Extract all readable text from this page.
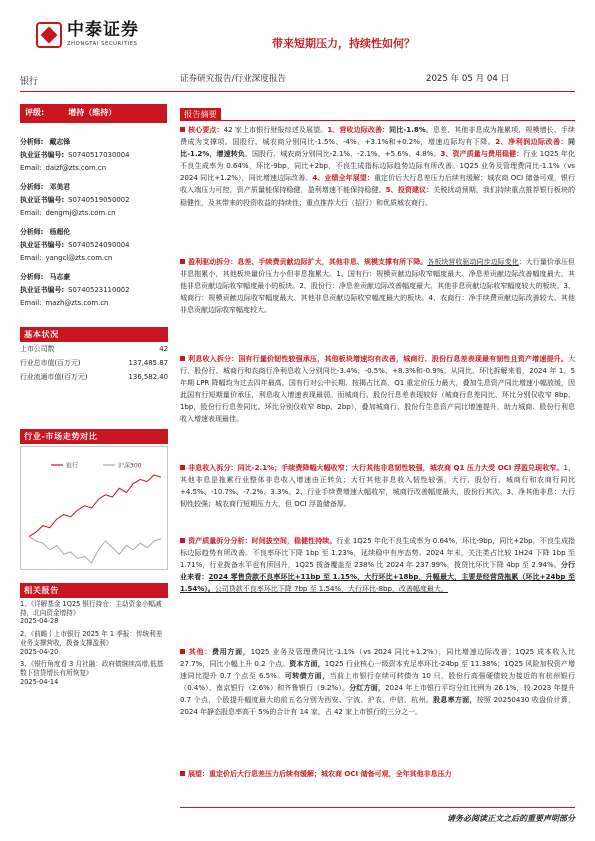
中泰证券
ZHONGTAI SECURITIES	带来短期压力，持续性如何？
银行	证券研究报告/行业深度报告	2025 年 05 月 04 日
评级:	增持（维持）
分析师: 戴志锋
执业证书编号: S0740517030004
Email: daizf@zts.com.cn
分析师: 邓美君
执业证书编号: S0740519050002
Email: dengmj@zts.com.cn
分析师: 杨超伦
执业证书编号: S0740524090004
Email: yangcl@zts.com.cn
分析师: 马志豪
执业证书编号: S0740523110002
Email: mazh@zts.com.cn
基本状况
上市公司数	42
行业总市值(百万元)	137,485.87
行业流通市值(百万元)	136,582.40
行业-市场走势对比
银行	沪深300
相关报告
1、《详解基金 1Q25 银行持仓：主动资金小幅减持，北向资金增持》
2025-04-28
2、《前瞻丨上市银行 2025 年 1 季报：传统利差业务支撑营收，拨备支撑盈利》
2025-04-20
3、《银行角度看 3 月社融：政府债继续高增,低基数下信贷增长有所恢复》
2025-04-14
报告摘要
核心要点：42 家上市银行财报综述及展望。1、营收边际改善：同比-1.8%。息差、其他非息成为拖累项，规模增长、手续费成为支撑项。国股行、城农商分别同比-1.5%、-4%、+3.1%和+0.2%，增速边际均有下降。2、净利润边际改善：同比-1.2%，增速转负。国股行、城农商分别同比-2.1%、-2.1%、+5.6%、4.8%。3、资产质量与费用稳健：行业 1Q25 年化不良生成率为 0.64%，环比-9bp，同比+2bp，不良生成指标边际趋势边际有所改善。1Q25 业务及管理费同比-1.1%（vs 2024 同比+1.2%），同比增速边际改善。4、业绩全年展望：重定价后大行息差压力后续有缓解；城农商 OCI 储备可观，银行收入端压力可控，资产质量能保持稳健，盈利增速不能保持稳健。5、投资建议：关税扰动预期，我们持续重点推荐银行板块的稳健性，及其带来的投资收益的持续性；重点推荐大行（招行）和优质城农商行。
盈利驱动拆分：息差、手续费贡献边际扩大，其他非息、规模支撑有所下降。各板块营收驱动同步边际变化：大行量价承压但非息拖累小，其他板块量价压力小但非息拖累大。1、国有行：规模贡献边际收窄幅度最大、净息差贡献边际改善幅度最大、其他非息贡献边际收窄幅度最小的板块。2、股份行：净息差贡献边际改善幅度最大、其他非息贡献边际收窄幅度较大的板块。3、城商行：规模贡献边际收窄幅度最大、其他非息贡献边际收窄幅度最大的板块。4、农商行：净手续费贡献边际改善较大、其他非息贡献边际收窄幅度较大。
利息收入拆分：国有行量价韧性较强承压，其他板块增速均有改善，城商行、股份行息差表现最有韧性且资产增速提升。大行、股份行、城商行和农商行净利息收入分别同比-3.4%、-0.5%、+8.3%和-0.9%。从同比、环比拆解来看，2024 年 1、5 年期 LPR 降幅均为过去四年最高，国有行对公中长期、按揭占比高，Q1 重定价压力最大，叠加生息资产同比增速小幅放缓，因此国有行短期量价承压，利息收入增速表现最弱。而城商行、股份行息差表现较好（城商行息差同比、环比分别仅收窄 8bp、1bp，股份行行息差同比、环比分别仅收窄 8bp、2bp），叠加城商行、股份行生息资产同比增速提升，助力城商、股份行利息收入增速表现最佳。
非息收入拆分：同比-2.1%；手续费降幅大幅收窄；大行其他非息韧性较强，城农商 Q1 压力大受 OCI 浮盈兑现收窄。1、其他非息是拖累行业整体非息收入增速由正转负；大行其他非息收入韧性较强，大行、股份行、城商行和农商行同比+4.5%、-10.7%、-7.2%、3.3%。2、行业手续费增速大幅收窄，城商行改善幅度最大，股份行其次。3、净其他非息：大行韧性较强；城农商行短期压力大，但 OCI 浮盈储备厚。
资产质量拆分分析：时间拔空间，稳健性持续。行业 1Q25 年化不良生成率为 0.64%，环比-9bp，同比+2bp，不良生成指标边际趋势有所改善。不良率环比下降 1bp 至 1.23%，延续稳中有序态势。2024 年末，关注类占比较 1H24 下降 1bp 至 1.71%，行业拨备水平也有所回升，1Q25 拨备覆盖至 238% 比 2024 年 237.99%，拨贷比环比下降 4bp 至 2.94%。分行业来看：2024 零售贷款不良率环比+11bp 至 1.15%，大行环比+18bp，升幅最大，主要是经营贷拖累（环比+24bp 至 1.54%）。公司贷款不良率环比下降 7bp 至 1.54%，大行环比-8bp，改善幅度最大。
其他：费用方面，1Q25 业务及管理费同比-1.1%（vs 2024 同比+1.2%），同比增速边际改善；1Q25 成本收入比 27.7%，同比小幅上升 0.2 个点。资本方面，1Q25 行业核心一级资本充足率环比-24bp 至 11.38%；1Q25 风险加权资产增速同比提升 0.7 个点至 6.5%。可转债方面，当前上市银行存续可转债为 10 只，股份行高强硬债较为接近的有杭州银行（0.4%）、南京银行（2.6%）和齐鲁银行（9.2%）。分红方面，2024 年上市银行平均分红比例为 26.1%，较 2023 年提升 0.7 个点，个股提升幅度最大的前五名分别为西安、宁波、沪农、中信、杭州。股息率方面，按照 20250430 收盘价计算，2024 年静态股息率高于 5%的合计有 14 家，占 42 家上市银行的三分之一。
展望：重定价后大行息差压力后续有缓解；城农商 OCI 储备可观，全年其他非息压力
请务必阅读正文之后的重要声明部分
